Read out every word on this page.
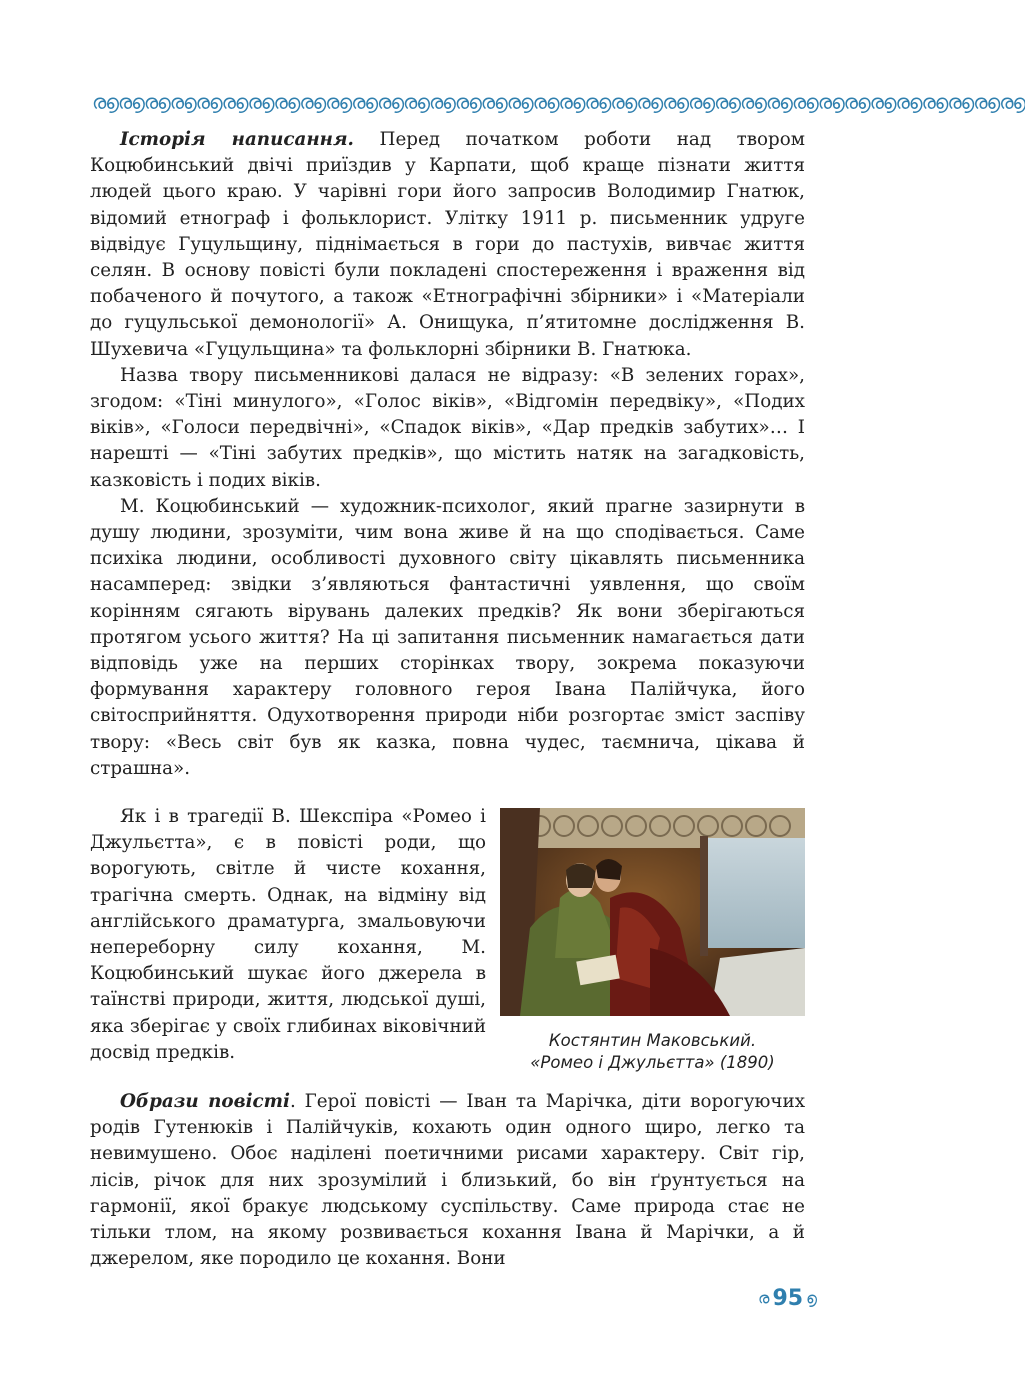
ര൭ര൭ര൭ര൭ര൭ര൭ര൭ര൭ര൭ര൭ര൭ര൭ര൭ര൭ര൭ര൭ര൭ര൭ര൭ര൭ര൭ര൭ര൭ര൭ര൭ര൭ര൭ര൭ര൭ര൭ര൭ര൭ര൭ര൭ര൭ര൭

Історія написання. Перед початком роботи над твором Коцюбинський двічі приїздив у Карпати, щоб краще пізнати життя людей цього краю. У чарівні гори його запросив Володимир Гнатюк, відомий етнограф і фольклорист. Улітку 1911 р. письменник удруге відвідує Гуцульщину, піднімається в гори до пастухів, вивчає життя селян. В основу повісті були покладені спостереження і враження від побаченого й почутого, а також «Етнографічні збірники» і «Матеріали до гуцульської демонології» А. Онищука, п’ятитомне дослідження В. Шухевича «Гуцульщина» та фольклорні збірники В. Гнатюка.

Назва твору письменникові далася не відразу: «В зелених горах», згодом: «Тіні минулого», «Голос віків», «Відгомін передвіку», «Подих віків», «Голоси передвічні», «Спадок віків», «Дар предків забутих»… І нарешті — «Тіні забутих предків», що містить натяк на загадковість, казковість і подих віків.

М. Коцюбинський — художник-психолог, який прагне зазирнути в душу людини, зрозуміти, чим вона живе й на що сподівається. Саме психіка людини, особливості духовного світу цікавлять письменника насамперед: звідки з’являються фантастичні уявлення, що своїм корінням сягають вірувань далеких предків? Як вони зберігаються протягом усього життя? На ці запитання письменник намагається дати відповідь уже на перших сторінках твору, зокрема показуючи формування характеру головного героя Івана Палійчука, його світосприйняття. Одухотворення природи ніби розгортає зміст заспіву твору: «Весь світ був як казка, повна чудес, таємнича, цікава й страшна».

Як і в трагедії В. Шекспіра «Ромео і Джульєтта», є в повісті роди, що ворогують, світле й чисте кохання, трагічна смерть. Однак, на відміну від англійського драматурга, змальовуючи непереборну силу кохання, М. Коцюбинський шукає його джерела в таїнстві природи, життя, людської душі, яка зберігає у своїх глибинах віковічний досвід предків.

Костянтин Маковський.
«Ромео і Джульєтта» (1890)

Образи повісті. Герої повісті — Іван та Марічка, діти ворогуючих родів Гутенюків і Палійчуків, кохають один одного щиро, легко та невимушено. Обоє наділені поетичними рисами характеру. Світ гір, лісів, річок для них зрозумілий і близький, бо він ґрунтується на гармонії, якої бракує людському суспільству. Саме природа стає не тільки тлом, на якому розвивається кохання Івана й Марічки, а й джерелом, яке породило це кохання. Вони

ര 95 ൭
